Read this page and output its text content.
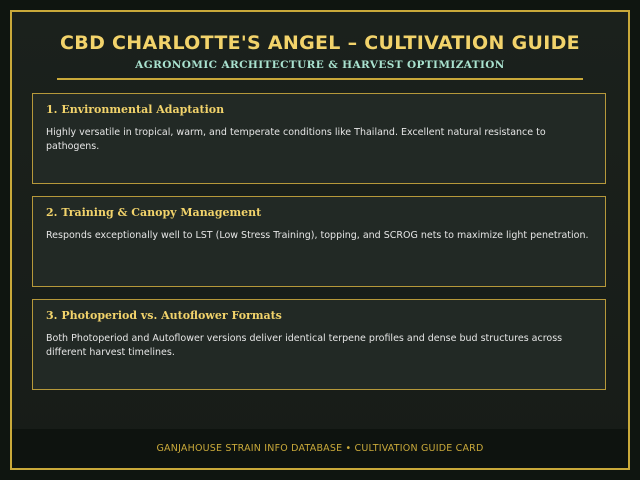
CBD CHARLOTTE'S ANGEL – CULTIVATION GUIDE
AGRONOMIC ARCHITECTURE & HARVEST OPTIMIZATION
1. Environmental Adaptation

Highly versatile in tropical, warm, and temperate conditions like Thailand. Excellent natural resistance to pathogens.

2. Training & Canopy Management

Responds exceptionally well to LST (Low Stress Training), topping, and SCROG nets to maximize light penetration.

3. Photoperiod vs. Autoflower Formats

Both Photoperiod and Autoflower versions deliver identical terpene profiles and dense bud structures across different harvest timelines.

GANJAHOUSE STRAIN INFO DATABASE • CULTIVATION GUIDE CARD
